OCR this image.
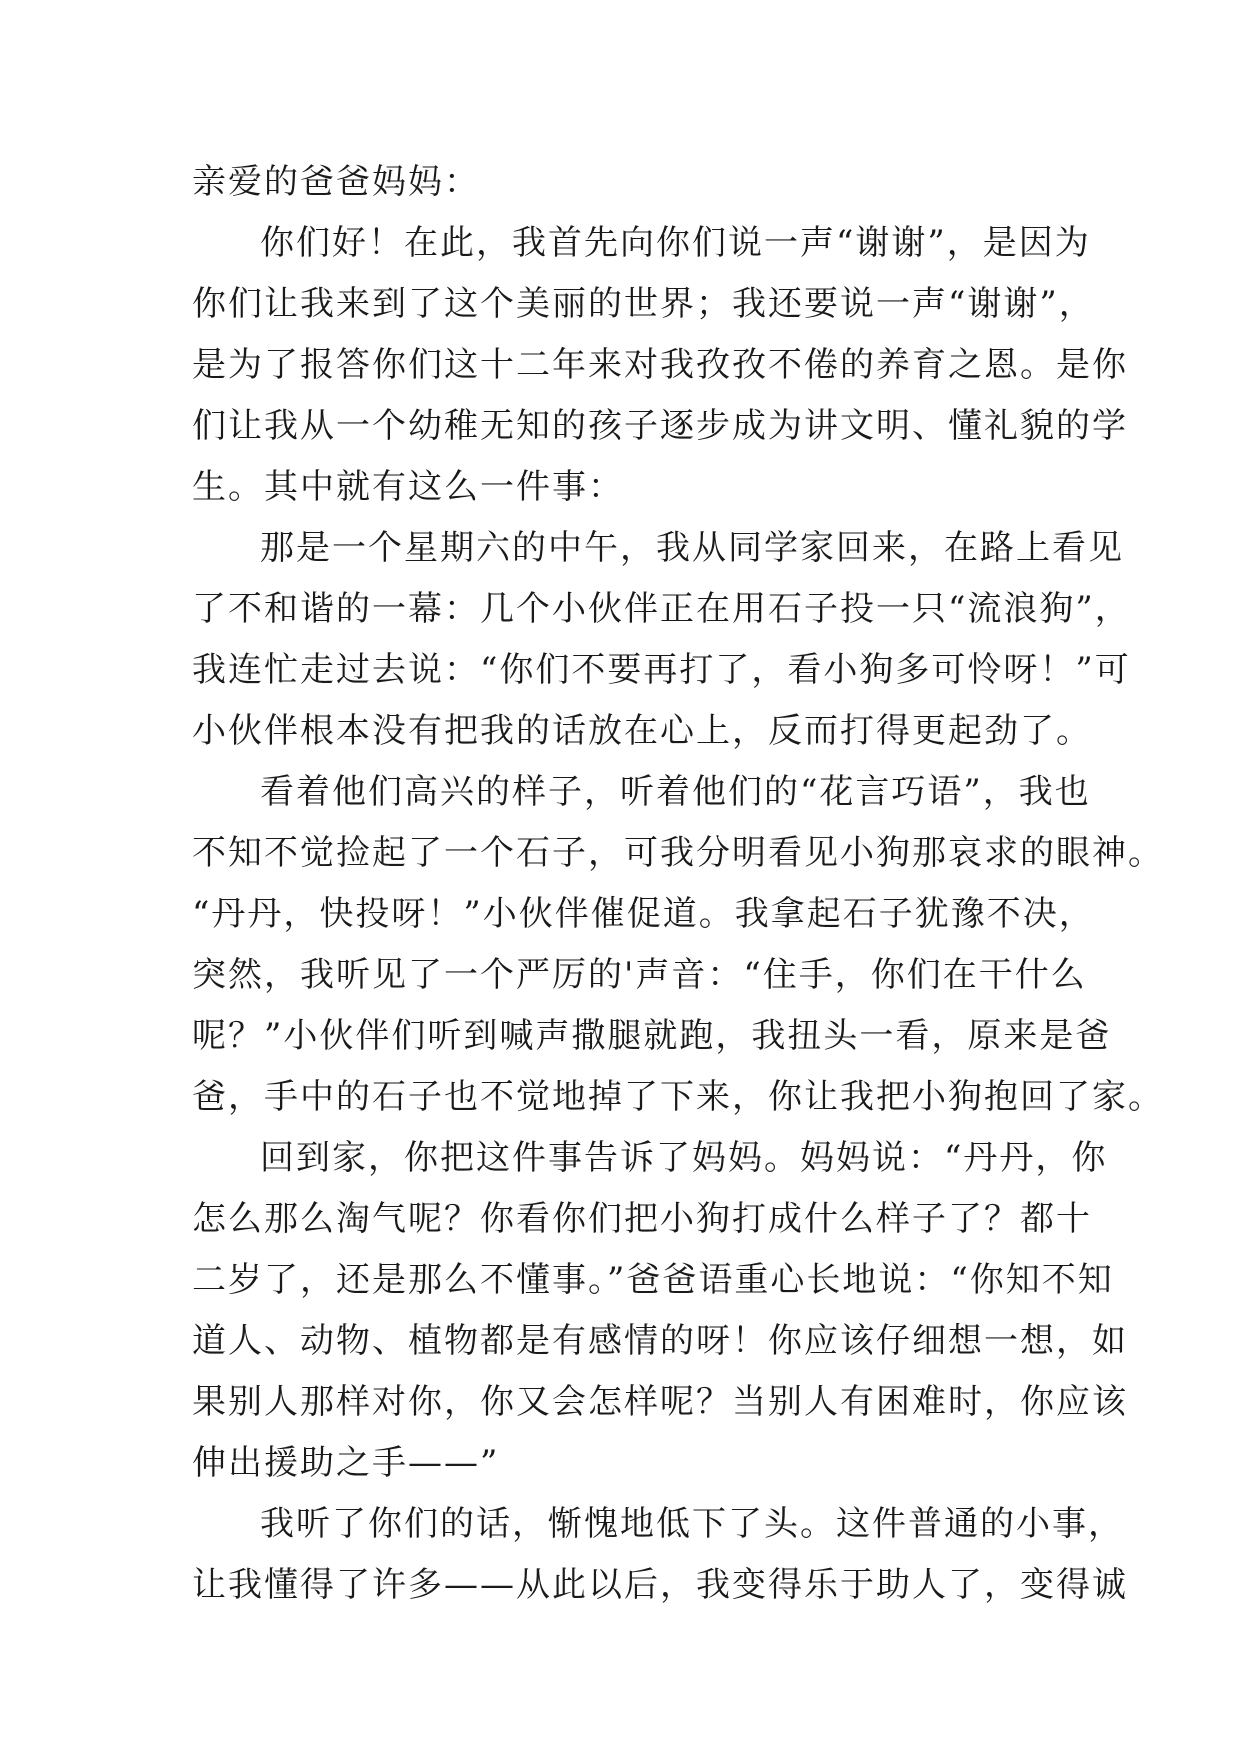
亲爱的爸爸妈妈：
你们好！在此，我首先向你们说一声“谢谢”，是因为
你们让我来到了这个美丽的世界；我还要说一声“谢谢”，
是为了报答你们这十二年来对我孜孜不倦的养育之恩。是你
们让我从一个幼稚无知的孩子逐步成为讲文明、懂礼貌的学
生。其中就有这么一件事：
那是一个星期六的中午，我从同学家回来，在路上看见
了不和谐的一幕：几个小伙伴正在用石子投一只“流浪狗”，
我连忙走过去说：“你们不要再打了，看小狗多可怜呀！”可
小伙伴根本没有把我的话放在心上，反而打得更起劲了。
看着他们高兴的样子，听着他们的“花言巧语”，我也
不知不觉捡起了一个石子，可我分明看见小狗那哀求的眼神。
“丹丹，快投呀！”小伙伴催促道。我拿起石子犹豫不决，
突然，我听见了一个严厉的'声音：“住手，你们在干什么
呢？”小伙伴们听到喊声撒腿就跑，我扭头一看，原来是爸
爸，手中的石子也不觉地掉了下来，你让我把小狗抱回了家。
回到家，你把这件事告诉了妈妈。妈妈说：“丹丹，你
怎么那么淘气呢？你看你们把小狗打成什么样子了？都十
二岁了，还是那么不懂事。”爸爸语重心长地说：“你知不知
道人、动物、植物都是有感情的呀！你应该仔细想一想，如
果别人那样对你，你又会怎样呢？当别人有困难时，你应该
伸出援助之手——”
我听了你们的话，惭愧地低下了头。这件普通的小事，
让我懂得了许多——从此以后，我变得乐于助人了，变得诚
